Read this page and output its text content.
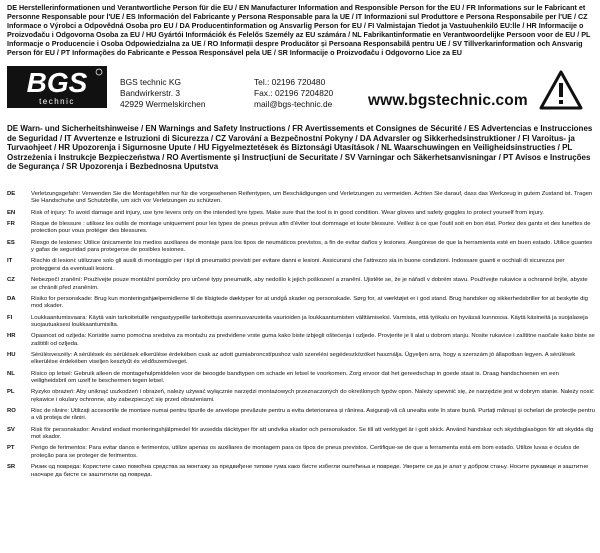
DE Herstellerinformationen und Verantwortliche Person für die EU / EN Manufacturer Information and Responsible Person for the EU / FR Informations sur le Fabricant et Personne Responsable pour l'UE / ES Información del Fabricante y Persona Responsable para la UE / IT Informazioni sul Produttore e Persona Responsabile per l'UE / CZ Informace o Výrobci a Odpovědná Osoba pro EU / DA Producentinformation og Ansvarlig Person for EU / FI Valmistajan Tiedot ja Vastuuhenkilö EU:lle / HR Informacije o Proizvođaču i Odgovorna Osoba za EU / HU Gyártói Információk és Felelős Személy az EU számára / NL Fabrikantinformatie en Verantwoordelijke Persoon voor de EU / PL Informacje o Producencie i Osoba Odpowiedzialna za UE / RO Informații despre Producător și Persoana Responsabilă pentru UE / SV Tillverkarinformation och Ansvarig Person för EU / PT Informações do Fabricante e Pessoa Responsável pela UE / SR Informacije o Proizvođaču i Odgovorno Lice za EU
BGS
technic
BGS technic KG
Bandwirkerstr. 3
42929 Wermelskirchen
Tel.: 02196 720480
Fax.: 02196 7204820
mail@bgs-technic.de www.bgstechnic.com
DE Warn- und Sicherheitshinweise / EN Warnings and Safety Instructions / FR Avertissements et Consignes de Sécurité / ES Advertencias e Instrucciones de Seguridad / IT Avvertenze e Istruzioni di Sicurezza / CZ Varování a Bezpečnostní Pokyny / DA Advarsler og Sikkerhedsinstruktioner / FI Varoitus- ja Turvaohjeet / HR Upozorenja i Sigurnosne Upute / HU Figyelmeztetések és Biztonsági Utasítások / NL Waarschuwingen en Veiligheidsinstructies / PL Ostrzeżenia i Instrukcje Bezpieczeństwa / RO Avertismente și Instrucțiuni de Securitate / SV Varningar och Säkerhetsanvisningar / PT Avisos e Instruções de Segurança / SR Upozorenja i Bezbednosna Uputstva
DE	Verletzungsgefahr: Verwenden Sie die Montagehilfen nur für die vorgesehenen Reifentypen, um Beschädigungen und Verletzungen zu vermeiden. Achten Sie darauf, dass das Werkzeug in gutem Zustand ist. Tragen Sie Handschuhe und Schutzbrille, um sich vor Verletzungen zu schützen.
EN	Risk of injury: To avoid damage and injury, use tyre levers only on the intended tyre types. Make sure that the tool is in good condition. Wear gloves and safety goggles to protect yourself from injury.
FR	Risque de blessure : utilisez les outils de montage uniquement pour les types de pneus prévus afin d'éviter tout dommage et toute blessure. Veillez à ce que l'outil soit en bon état. Portez des gants et des lunettes de protection pour vous protéger des blessures.
ES	Riesgo de lesiones: Utilice únicamente los medios auxiliares de montaje para los tipos de neumáticos previstos, a fin de evitar daños y lesiones. Asegúrese de que la herramienta esté en buen estado. Utilice guantes y gafas de seguridad para protegerse de posibles lesiones.
IT	Rischio di lesioni: utilizzare solo gli ausili di montaggio per i tipi di pneumatici previsti per evitare danni e lesioni. Assicurarsi che l'attrezzo sia in buone condizioni. Indossare guanti e occhiali di sicurezza per proteggersi da eventuali lesioni.
CZ	Nebezpečí zranění: Používejte pouze montážní pomůcky pro určené typy pneumatik, aby nedošlo k jejich poškození a zranění. Ujistěte se, že je nářadí v dobrém stavu. Používejte rukavice a ochranné brýle, abyste se chránili před zraněním.
DA	Risiko for personskade: Brug kun monteringshjælpemidlerne til de tilsigtede dæktyper for at undgå skader og personskade. Sørg for, at værktøjet er i god stand. Brug handsker og sikkerhedsbriller for at beskytte dig mod skader.
FI	Loukkaantumisvaara: Käytä vain tarkoitetuille rengastyypeille tarkoitettuja asennusvarusteita vaurioiden ja loukkaantumisten välttämiseksi. Varmista, että työkalu on hyvässä kunnossa. Käytä käsineitä ja suojalaseja suojautuaksesi loukkaantumisilta.
HR	Opasnost od ozljeda: Koristite samo pomoćna sredstva za montažu za predviđene vrste guma kako biste izbjegli oštećenja i ozljede. Provjerite je li alat u dobrom stanju. Nosite rukavice i zaštitne naočale kako biste se zaštitili od ozljeda.
HU	Sérülésveszély: A sérülések és sérülések elkerülése érdekében csak az adott gumiabroncstípushoz való szerelési segédeszközöket használja. Ügyeljen arra, hogy a szerszám jó állapotban legyen. A sérülések elkerülése érdekében viseljen kesztyűt és védőszemüveget.
NL	Risico op letsel: Gebruik alleen de montagehulpmiddelen voor de beoogde bandtypen om schade en letsel te voorkomen. Zorg ervoor dat het gereedschap in goede staat is. Draag handschoenen en een veiligheidsbril om uzelf te beschermen tegen letsel.
PL	Ryzyko obrażeń: Aby uniknąć uszkodzeń i obrażeń, należy używać wyłącznie narzędzi montażowych przeznaczonych do określonych typów opon. Należy upewnić się, że narzędzie jest w dobrym stanie. Należy nosić rękawice i okulary ochronne, aby zabezpieczyć się przed obrażeniami.
RO	Risc de rănire: Utilizați accesoriile de montare numai pentru tipurile de anvelope prevăzute pentru a evita deteriorarea și rănirea. Asigurați-vă că unealta este în stare bună. Purtați mănuși și ochelari de protecție pentru a vă proteja de răniri.
SV	Risk för personskador: Använd endast monteringshjälpmedel för avsedda däcktyper för att undvika skador och personskador. Se till att verktyget är i gott skick. Använd handskar och skyddsglasögon för att skydda dig mot skador.
PT	Perigo de ferimentos: Para evitar danos e ferimentos, utilize apenas os auxiliares de montagem para os tipos de pneus previstos. Certifique-se de que a ferramenta está em bom estado. Utilize luvas e óculos de proteção para se proteger de ferimentos.
SR	Ризик од повреда: Користите само помоћна средства за монтажу за предвиђене типове гума како бисте избегли оштећења и повреде. Уверите се да је алат у добром стању. Носите рукавице и заштитне наочаре да бисте се заштитили од повреда.
